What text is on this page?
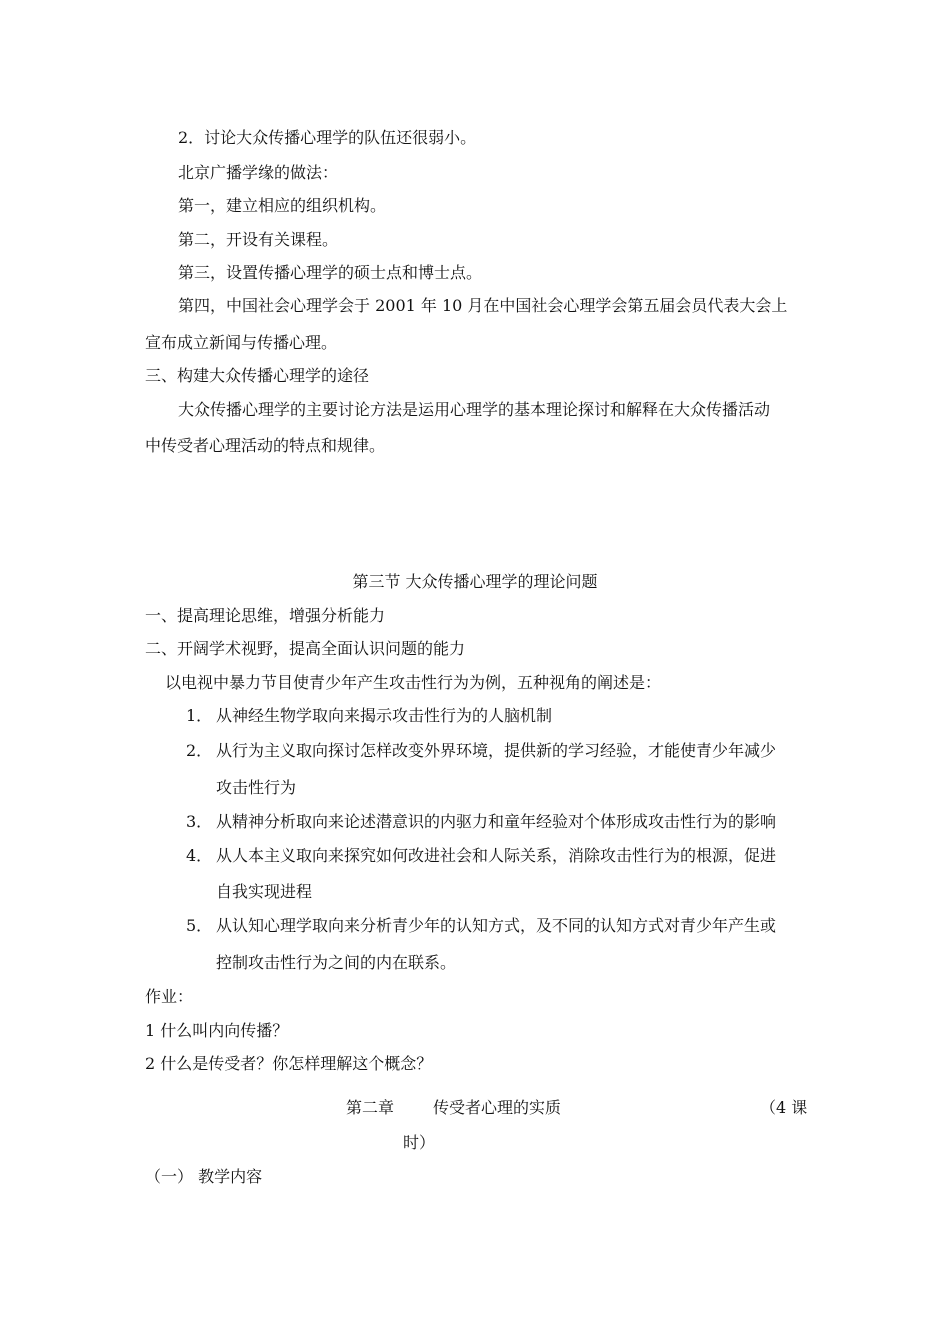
2．讨论大众传播心理学的队伍还很弱小。
北京广播学缘的做法：
第一，建立相应的组织机构。
第二，开设有关课程。
第三，设置传播心理学的硕士点和博士点。
第四，中国社会心理学会于 2001 年 10 月在中国社会心理学会第五届会员代表大会上
宣布成立新闻与传播心理。
三、构建大众传播心理学的途径
大众传播心理学的主要讨论方法是运用心理学的基本理论探讨和解释在大众传播活动
中传受者心理活动的特点和规律。
第三节 大众传播心理学的理论问题
一、提高理论思维，增强分析能力
二、开阔学术视野，提高全面认识问题的能力
以电视中暴力节目使青少年产生攻击性行为为例，五种视角的阐述是：
1． 从神经生物学取向来揭示攻击性行为的人脑机制
2． 从行为主义取向探讨怎样改变外界环境，提供新的学习经验，才能使青少年减少
攻击性行为
3． 从精神分析取向来论述潜意识的内驱力和童年经验对个体形成攻击性行为的影响
4． 从人本主义取向来探究如何改进社会和人际关系，消除攻击性行为的根源，促进
自我实现进程
5． 从认知心理学取向来分析青少年的认知方式，及不同的认知方式对青少年产生或
控制攻击性行为之间的内在联系。
作业：
1 什么叫内向传播？
2 什么是传受者？你怎样理解这个概念？
第二章 传受者心理的实质	（4 课
时）
（一） 教学内容
